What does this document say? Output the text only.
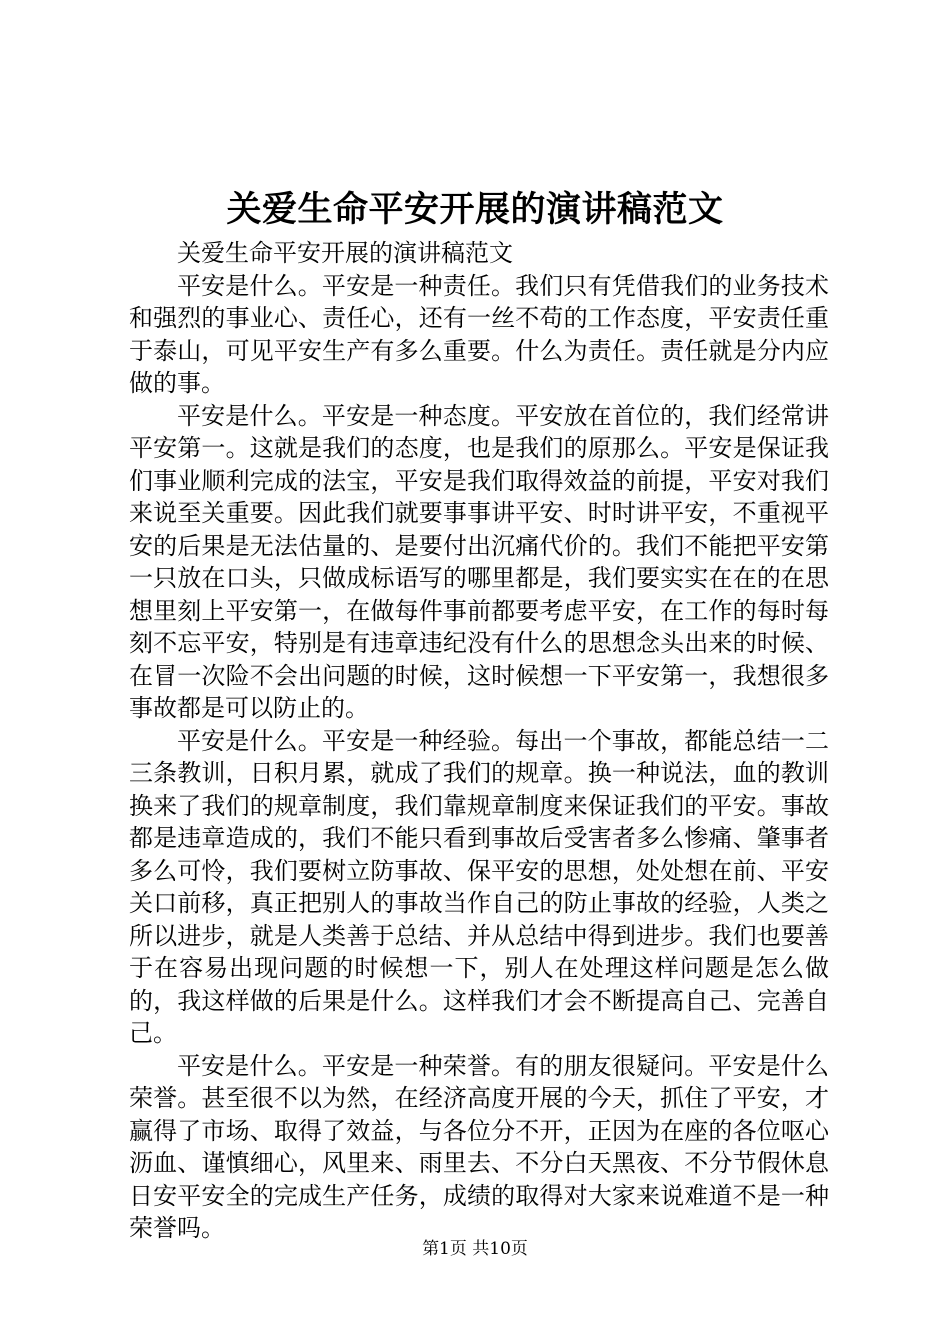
关爱生命平安开展的演讲稿范文

关爱生命平安开展的演讲稿范文

平安是什么。平安是一种责任。我们只有凭借我们的业务技术和强烈的事业心、责任心，还有一丝不苟的工作态度，平安责任重于泰山，可见平安生产有多么重要。什么为责任。责任就是分内应做的事。

平安是什么。平安是一种态度。平安放在首位的，我们经常讲平安第一。这就是我们的态度，也是我们的原那么。平安是保证我们事业顺利完成的法宝，平安是我们取得效益的前提，平安对我们来说至关重要。因此我们就要事事讲平安、时时讲平安，不重视平安的后果是无法估量的、是要付出沉痛代价的。我们不能把平安第一只放在口头，只做成标语写的哪里都是，我们要实实在在的在思想里刻上平安第一，在做每件事前都要考虑平安，在工作的每时每刻不忘平安，特别是有违章违纪没有什么的思想念头出来的时候、在冒一次险不会出问题的时候，这时候想一下平安第一，我想很多事故都是可以防止的。

平安是什么。平安是一种经验。每出一个事故，都能总结一二三条教训，日积月累，就成了我们的规章。换一种说法，血的教训换来了我们的规章制度，我们靠规章制度来保证我们的平安。事故都是违章造成的，我们不能只看到事故后受害者多么惨痛、肇事者多么可怜，我们要树立防事故、保平安的思想，处处想在前、平安关口前移，真正把别人的事故当作自己的防止事故的经验，人类之所以进步，就是人类善于总结、并从总结中得到进步。我们也要善于在容易出现问题的时候想一下，别人在处理这样问题是怎么做的，我这样做的后果是什么。这样我们才会不断提高自己、完善自己。

平安是什么。平安是一种荣誉。有的朋友很疑问。平安是什么荣誉。甚至很不以为然，在经济高度开展的今天，抓住了平安，才赢得了市场、取得了效益，与各位分不开，正因为在座的各位呕心沥血、谨慎细心，风里来、雨里去、不分白天黑夜、不分节假休息日安平安全的完成生产任务，成绩的取得对大家来说难道不是一种荣誉吗。

第1页 共10页
